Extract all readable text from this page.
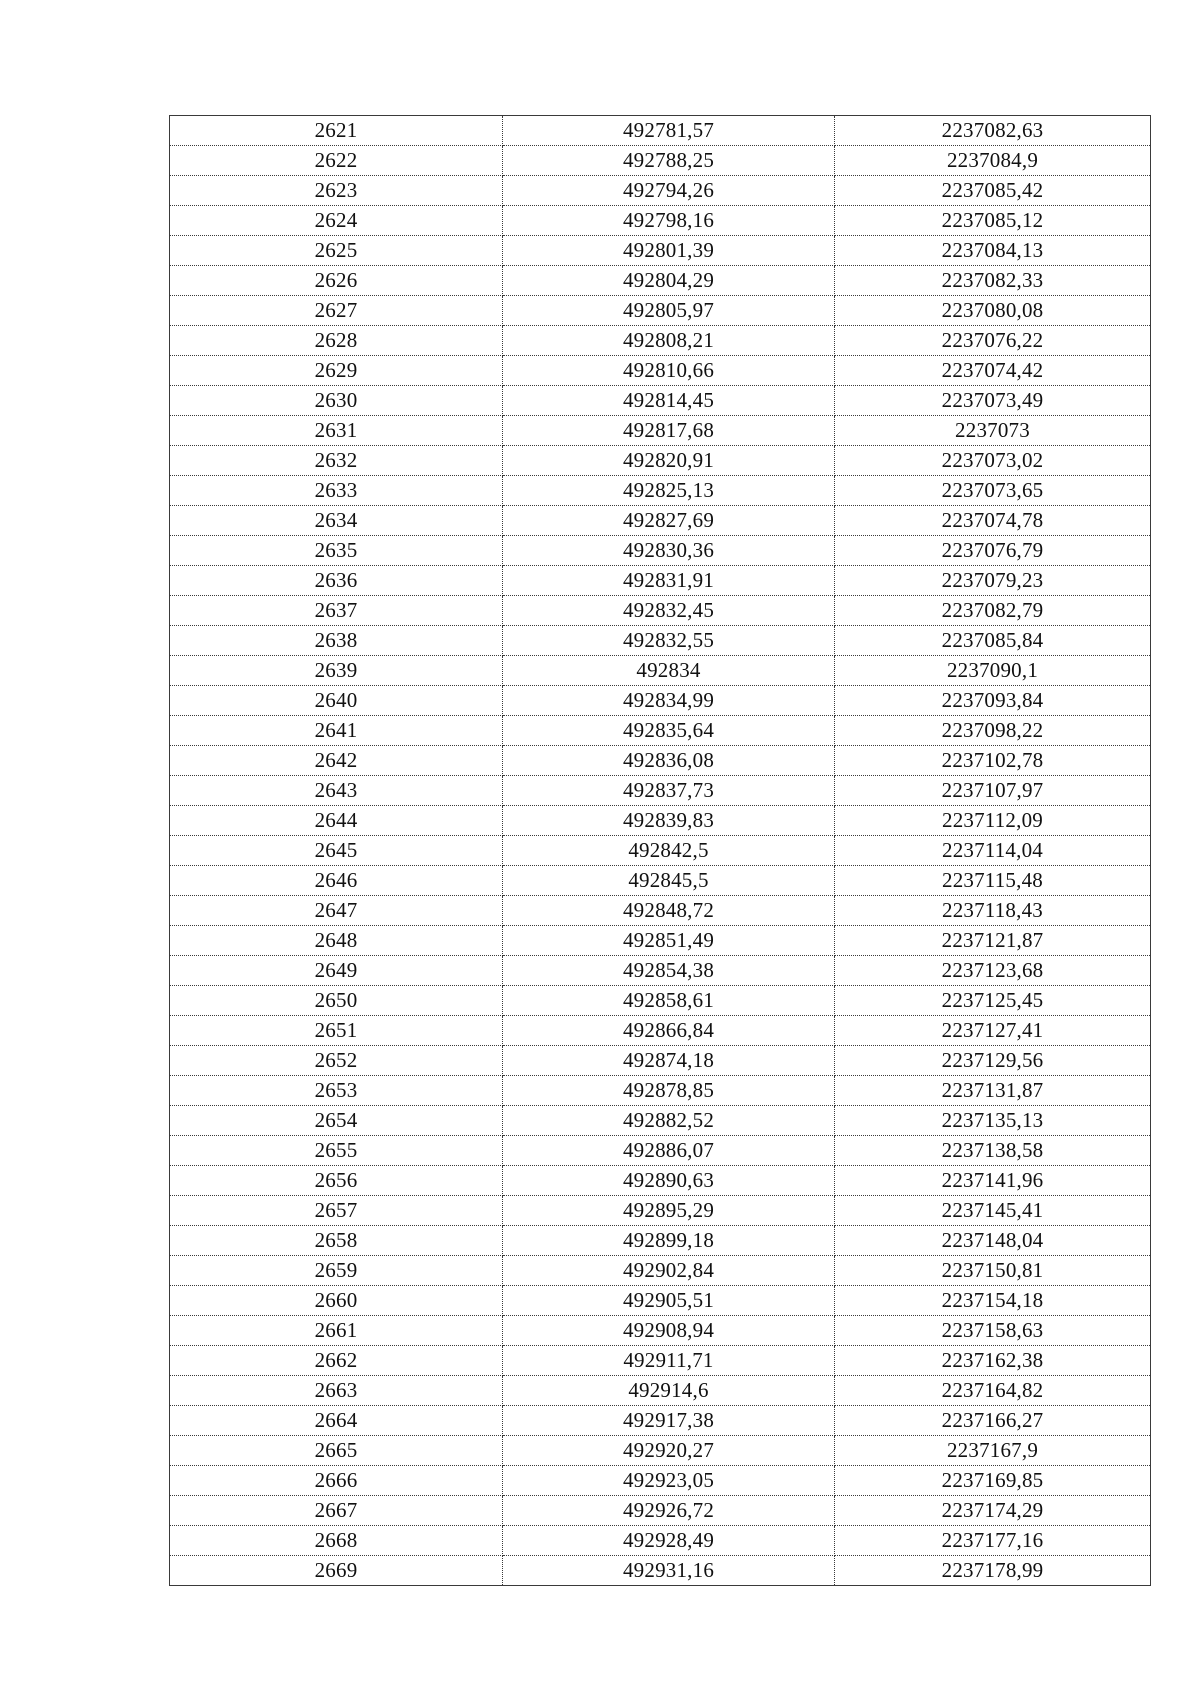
2621	492781,57	2237082,63
2622	492788,25	2237084,9
2623	492794,26	2237085,42
2624	492798,16	2237085,12
2625	492801,39	2237084,13
2626	492804,29	2237082,33
2627	492805,97	2237080,08
2628	492808,21	2237076,22
2629	492810,66	2237074,42
2630	492814,45	2237073,49
2631	492817,68	2237073
2632	492820,91	2237073,02
2633	492825,13	2237073,65
2634	492827,69	2237074,78
2635	492830,36	2237076,79
2636	492831,91	2237079,23
2637	492832,45	2237082,79
2638	492832,55	2237085,84
2639	492834	2237090,1
2640	492834,99	2237093,84
2641	492835,64	2237098,22
2642	492836,08	2237102,78
2643	492837,73	2237107,97
2644	492839,83	2237112,09
2645	492842,5	2237114,04
2646	492845,5	2237115,48
2647	492848,72	2237118,43
2648	492851,49	2237121,87
2649	492854,38	2237123,68
2650	492858,61	2237125,45
2651	492866,84	2237127,41
2652	492874,18	2237129,56
2653	492878,85	2237131,87
2654	492882,52	2237135,13
2655	492886,07	2237138,58
2656	492890,63	2237141,96
2657	492895,29	2237145,41
2658	492899,18	2237148,04
2659	492902,84	2237150,81
2660	492905,51	2237154,18
2661	492908,94	2237158,63
2662	492911,71	2237162,38
2663	492914,6	2237164,82
2664	492917,38	2237166,27
2665	492920,27	2237167,9
2666	492923,05	2237169,85
2667	492926,72	2237174,29
2668	492928,49	2237177,16
2669	492931,16	2237178,99
